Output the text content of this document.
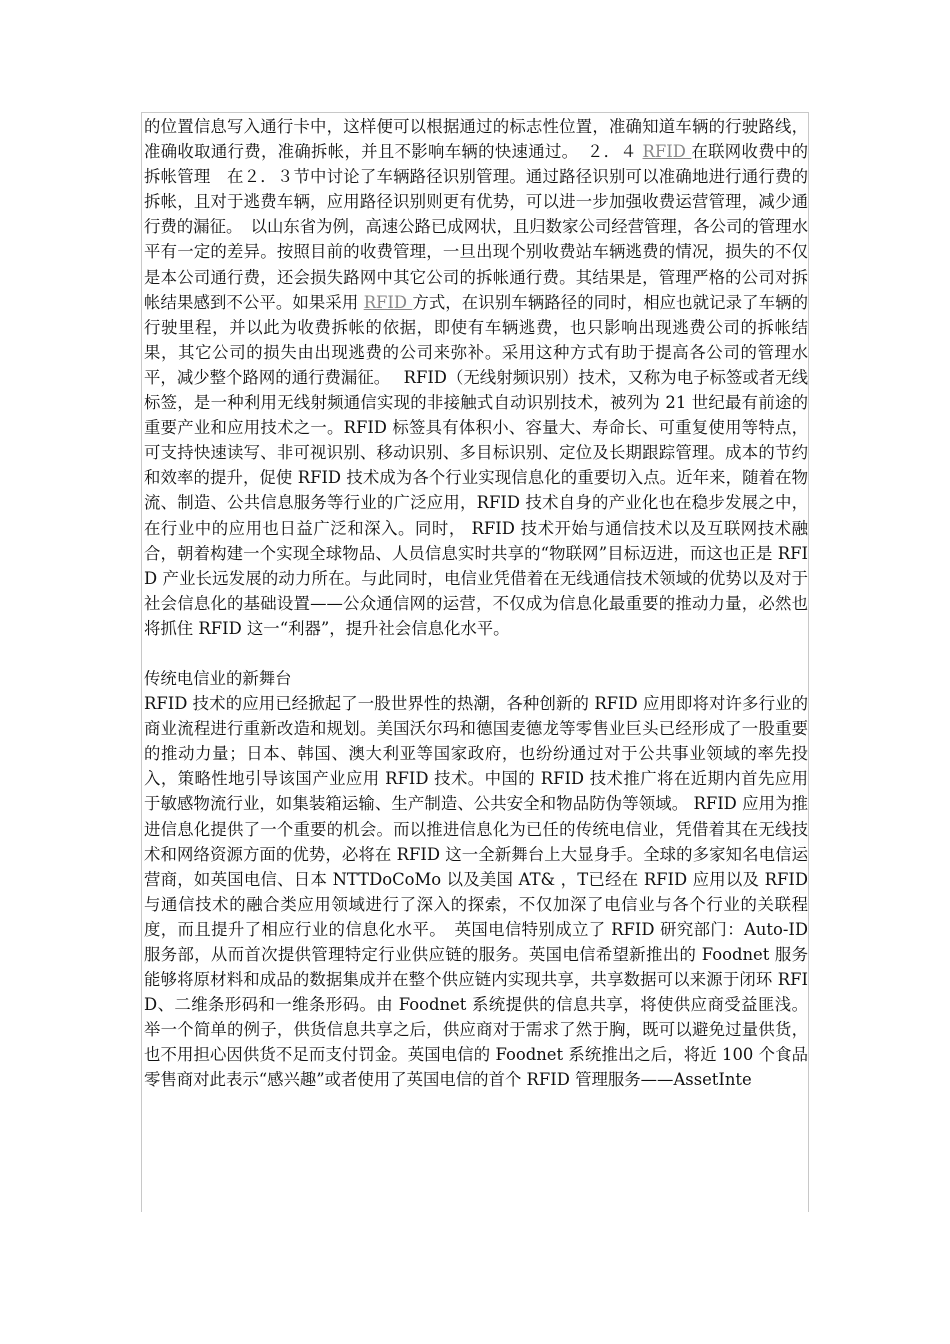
的位置信息写入通行卡中，这样便可以根据通过的标志性位置，准确知道车辆的行驶路线，准确收取通行费，准确拆帐，并且不影响车辆的快速通过。　２．４ RFID 在联网收费中的拆帐管理　在２．３节中讨论了车辆路径识别管理。通过路径识别可以准确地进行通行费的拆帐，且对于逃费车辆，应用路径识别则更有优势，可以进一步加强收费运营管理，减少通行费的漏征。　以山东省为例，高速公路已成网状，且归数家公司经营管理，各公司的管理水平有一定的差异。按照目前的收费管理，一旦出现个别收费站车辆逃费的情况，损失的不仅是本公司通行费，还会损失路网中其它公司的拆帐通行费。其结果是，管理严格的公司对拆帐结果感到不公平。如果采用 RFID 方式，在识别车辆路径的同时，相应也就记录了车辆的行驶里程，并以此为收费拆帐的依据，即使有车辆逃费，也只影响出现逃费公司的拆帐结果，其它公司的损失由出现逃费的公司来弥补。采用这种方式有助于提高各公司的管理水平，减少整个路网的通行费漏征。　 RFID（无线射频识别）技术，又称为电子标签或者无线标签，是一种利用无线射频通信实现的非接触式自动识别技术，被列为 21 世纪最有前途的重要产业和应用技术之一。RFID 标签具有体积小、容量大、寿命长、可重复使用等特点，可支持快速读写、非可视识别、移动识别、多目标识别、定位及长期跟踪管理。成本的节约和效率的提升，促使 RFID 技术成为各个行业实现信息化的重要切入点。近年来，随着在物流、制造、公共信息服务等行业的广泛应用，RFID 技术自身的产业化也在稳步发展之中，在行业中的应用也日益广泛和深入。同时， RFID 技术开始与通信技术以及互联网技术融合，朝着构建一个实现全球物品、人员信息实时共享的“物联网”目标迈进，而这也正是 RFID 产业长远发展的动力所在。与此同时，电信业凭借着在无线通信技术领域的优势以及对于社会信息化的基础设置——公众通信网的运营，不仅成为信息化最重要的推动力量，必然也将抓住 RFID 这一“利器”，提升社会信息化水平。

传统电信业的新舞台

RFID 技术的应用已经掀起了一股世界性的热潮，各种创新的 RFID 应用即将对许多行业的商业流程进行重新改造和规划。美国沃尔玛和德国麦德龙等零售业巨头已经形成了一股重要的推动力量；日本、韩国、澳大利亚等国家政府，也纷纷通过对于公共事业领域的率先投入，策略性地引导该国产业应用 RFID 技术。中国的 RFID 技术推广将在近期内首先应用于敏感物流行业，如集装箱运输、生产制造、公共安全和物品防伪等领域。 RFID 应用为推进信息化提供了一个重要的机会。而以推进信息化为已任的传统电信业，凭借着其在无线技术和网络资源方面的优势，必将在 RFID 这一全新舞台上大显身手。全球的多家知名电信运营商，如英国电信、日本 NTTDoCoMo 以及美国 AT& ，T已经在 RFID 应用以及 RFID 与通信技术的融合类应用领域进行了深入的探索，不仅加深了电信业与各个行业的关联程度，而且提升了相应行业的信息化水平。　英国电信特别成立了 RFID 研究部门：Auto-ID 服务部，从而首次提供管理特定行业供应链的服务。英国电信希望新推出的 Foodnet 服务能够将原材料和成品的数据集成并在整个供应链内实现共享，共享数据可以来源于闭环 RFID、二维条形码和一维条形码。由 Foodnet 系统提供的信息共享，将使供应商受益匪浅。举一个简单的例子，供货信息共享之后，供应商对于需求了然于胸，既可以避免过量供货，也不用担心因供货不足而支付罚金。英国电信的 Foodnet 系统推出之后，将近 100 个食品零售商对此表示“感兴趣”或者使用了英国电信的首个 RFID 管理服务——AssetInte
